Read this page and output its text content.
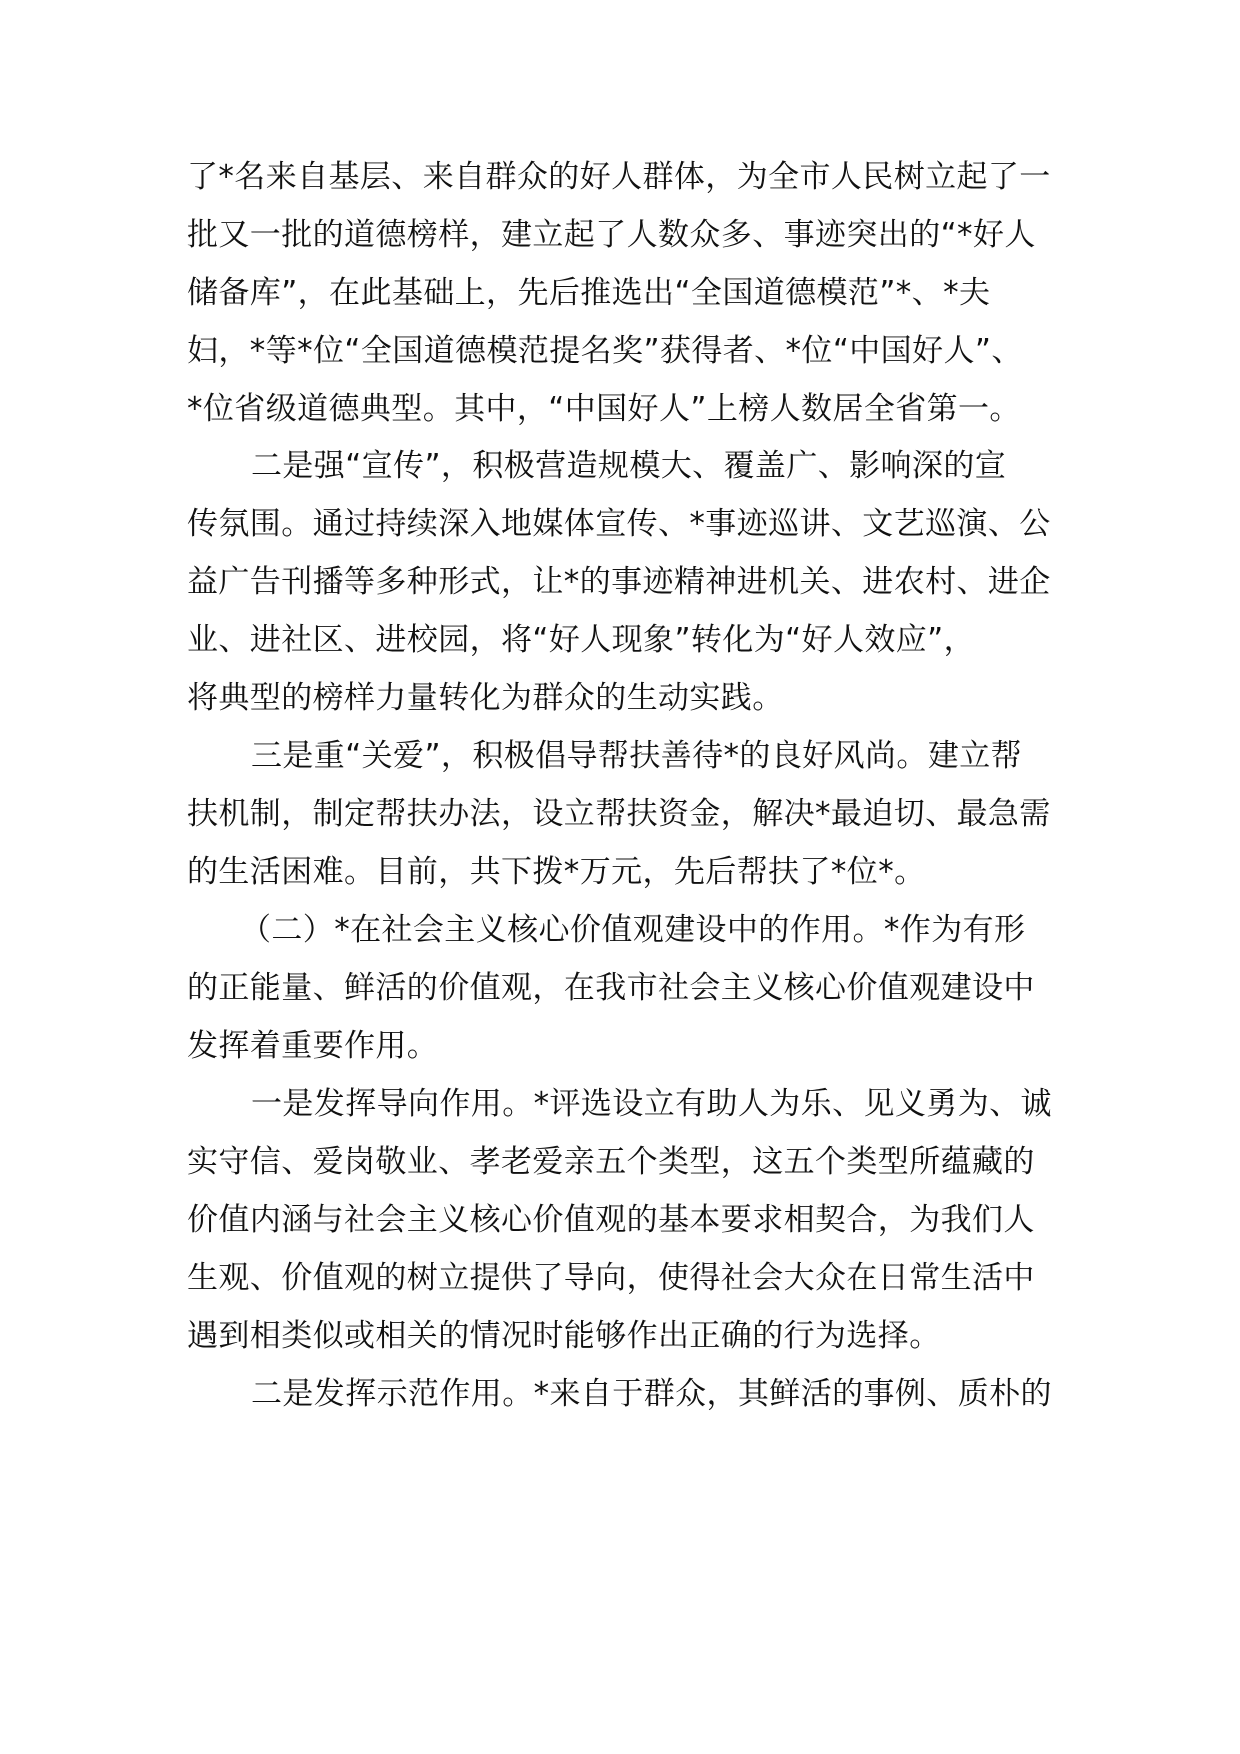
了*名来自基层、来自群众的好人群体，为全市人民树立起了一
批又一批的道德榜样，建立起了人数众多、事迹突出的“*好人
储备库”，在此基础上，先后推选出“全国道德模范”*、*夫
妇，*等*位“全国道德模范提名奖”获得者、*位“中国好人”、
*位省级道德典型。其中，“中国好人”上榜人数居全省第一。
二是强“宣传”，积极营造规模大、覆盖广、影响深的宣
传氛围。通过持续深入地媒体宣传、*事迹巡讲、文艺巡演、公
益广告刊播等多种形式，让*的事迹精神进机关、进农村、进企
业、进社区、进校园，将“好人现象”转化为“好人效应”，
将典型的榜样力量转化为群众的生动实践。
三是重“关爱”，积极倡导帮扶善待*的良好风尚。建立帮
扶机制，制定帮扶办法，设立帮扶资金，解决*最迫切、最急需
的生活困难。目前，共下拨*万元，先后帮扶了*位*。
（二）*在社会主义核心价值观建设中的作用。*作为有形
的正能量、鲜活的价值观，在我市社会主义核心价值观建设中
发挥着重要作用。
一是发挥导向作用。*评选设立有助人为乐、见义勇为、诚
实守信、爱岗敬业、孝老爱亲五个类型，这五个类型所蕴藏的
价值内涵与社会主义核心价值观的基本要求相契合，为我们人
生观、价值观的树立提供了导向，使得社会大众在日常生活中
遇到相类似或相关的情况时能够作出正确的行为选择。
二是发挥示范作用。*来自于群众，其鲜活的事例、质朴的
